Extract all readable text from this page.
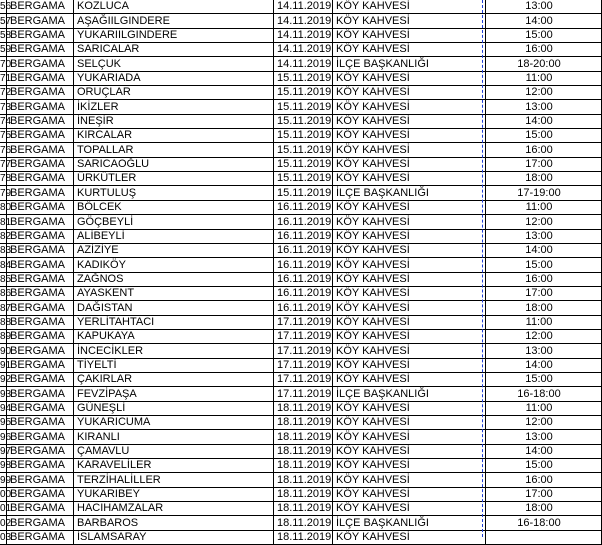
56	BERGAMA	KOZLUCA	14.11.2019	KÖY KAHVESİ		13:00	
57	BERGAMA	AŞAĞIILGINDERE	14.11.2019	KÖY KAHVESİ		14:00	
58	BERGAMA	YUKARIILGINDERE	14.11.2019	KÖY KAHVESİ		15:00	
59	BERGAMA	SARICALAR	14.11.2019	KÖY KAHVESİ		16:00	
70	BERGAMA	SELÇUK	14.11.2019	İLÇE BAŞKANLIĞI		18-20:00	
71	BERGAMA	YUKARIADA	15.11.2019	KÖY KAHVESİ		11:00	
72	BERGAMA	ORUÇLAR	15.11.2019	KÖY KAHVESİ		12:00	
73	BERGAMA	İKİZLER	15.11.2019	KÖY KAHVESİ		13:00	
74	BERGAMA	İNEŞİR	15.11.2019	KÖY KAHVESİ		14:00	
75	BERGAMA	KIRCALAR	15.11.2019	KÖY KAHVESİ		15:00	
76	BERGAMA	TOPALLAR	15.11.2019	KÖY KAHVESİ		16:00	
77	BERGAMA	SARICAOĞLU	15.11.2019	KÖY KAHVESİ		17:00	
78	BERGAMA	ÜRKÜTLER	15.11.2019	KÖY KAHVESİ		18:00	
79	BERGAMA	KURTULUŞ	15.11.2019	İLÇE BAŞKANLIĞI		17-19:00	
80	BERGAMA	BÖLCEK	16.11.2019	KÖY KAHVESİ		11:00	
81	BERGAMA	GÖÇBEYLİ	16.11.2019	KÖY KAHVESİ		12:00	
82	BERGAMA	ALİBEYLİ	16.11.2019	KÖY KAHVESİ		13:00	
83	BERGAMA	AZİZİYE	16.11.2019	KÖY KAHVESİ		14:00	
84	BERGAMA	KADIKÖY	16.11.2019	KÖY KAHVESİ		15:00	
85	BERGAMA	ZAĞNOS	16.11.2019	KÖY KAHVESİ		16:00	
86	BERGAMA	AYASKENT	16.11.2019	KÖY KAHVESİ		17:00	
87	BERGAMA	DAĞISTAN	16.11.2019	KÖY KAHVESİ		18:00	
88	BERGAMA	YERLİTAHTACI	17.11.2019	KÖY KAHVESİ		11:00	
89	BERGAMA	KAPUKAYA	17.11.2019	KÖY KAHVESİ		12:00	
90	BERGAMA	İNCECİKLER	17.11.2019	KÖY KAHVESİ		13:00	
91	BERGAMA	TİYELTİ	17.11.2019	KÖY KAHVESİ		14:00	
92	BERGAMA	ÇAKIRLAR	17.11.2019	KÖY KAHVESİ		15:00	
93	BERGAMA	FEVZİPAŞA	17.11.2019	İLÇE BAŞKANLIĞI		16-18:00	
94	BERGAMA	GÜNEŞLİ	18.11.2019	KÖY KAHVESİ		11:00	
95	BERGAMA	YUKARICUMA	18.11.2019	KÖY KAHVESİ		12:00	
96	BERGAMA	KIRANLI	18.11.2019	KÖY KAHVESİ		13:00	
97	BERGAMA	ÇAMAVLU	18.11.2019	KÖY KAHVESİ		14:00	
98	BERGAMA	KARAVELİLER	18.11.2019	KÖY KAHVESİ		15:00	
99	BERGAMA	TERZİHALİLLER	18.11.2019	KÖY KAHVESİ		16:00	
00	BERGAMA	YUKARIBEY	18.11.2019	KÖY KAHVESİ		17:00	
01	BERGAMA	HACIHAMZALAR	18.11.2019	KÖY KAHVESİ		18:00	
02	BERGAMA	BARBAROS	18.11.2019	İLÇE BAŞKANLIĞI		16-18:00	
03	BERGAMA	İSLAMSARAY	18.11.2019	KÖY KAHVESİ			
